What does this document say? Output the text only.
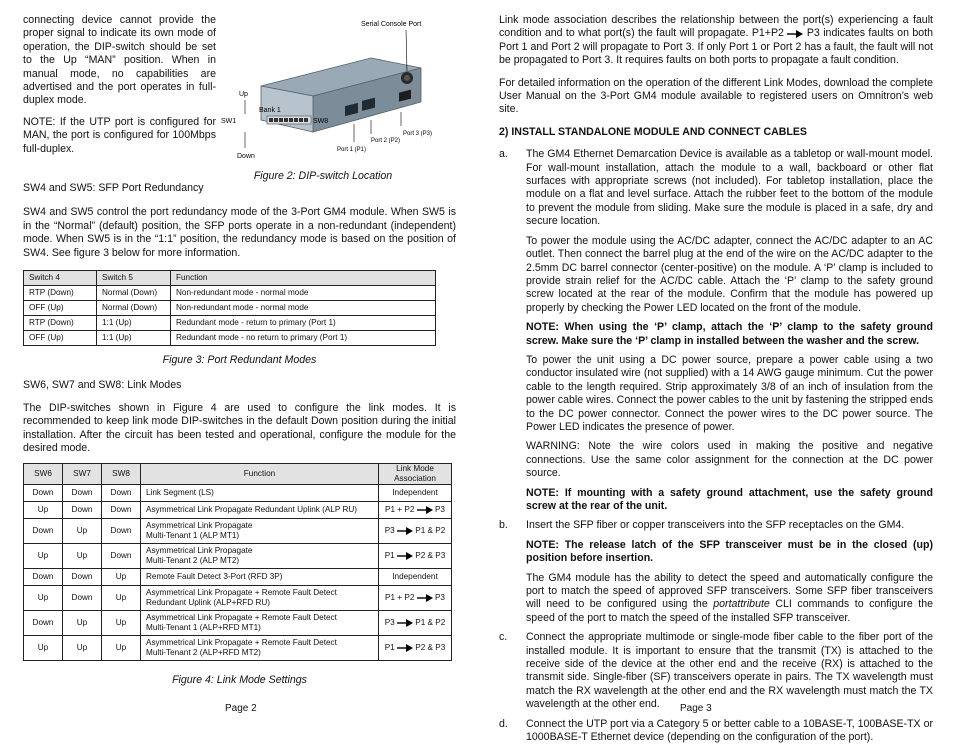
connecting device cannot provide the proper signal to indicate its own mode of operation, the DIP-switch should be set to the Up “MAN” position. When in manual mode, no capabilities are advertised and the port operates in full-duplex mode.

NOTE: If the UTP port is configured for MAN, the port is configured for 100Mbps full-duplex.

Serial Console Port
Up
Bank 1
SW1	SW8
Down
Port 3 (P3)
Port 2 (P2)
Port 1 (P1)

Figure 2: DIP-switch Location

SW4 and SW5: SFP Port Redundancy

SW4 and SW5 control the port redundancy mode of the 3-Port GM4 module. When SW5 is in the “Normal” (default) position, the SFP ports operate in a non-redundant (independent) mode. When SW5 is in the “1:1” position, the redundancy mode is based on the position of SW4. See figure 3 below for more information.

Switch 4	Switch 5	Function
RTP (Down)	Normal (Down)	Non-redundant mode - normal mode
OFF (Up)	Normal (Down)	Non-redundant mode - normal mode
RTP (Down)	1:1 (Up)	Redundant mode - return to primary (Port 1)
OFF (Up)	1:1 (Up)	Redundant mode - no return to primary (Port 1)

Figure 3: Port Redundant Modes

SW6, SW7 and SW8: Link Modes

The DIP-switches shown in Figure 4 are used to configure the link modes. It is recommended to keep link mode DIP-switches in the default Down position during the initial installation. After the circuit has been tested and operational, configure the module for the desired mode.

SW6	SW7	SW8	Function	Link Mode Association
Down	Down	Down	Link Segment (LS)	Independent
Up	Down	Down	Asymmetrical Link Propagate Redundant Uplink (ALP RU)	P1 + P2 P3
Down	Up	Down	Asymmetrical Link Propagate
Multi-Tenant 1 (ALP MT1)	P3 P1 & P2
Up	Up	Down	Asymmetrical Link Propagate
Multi-Tenant 2 (ALP MT2)	P1 P2 & P3
Down	Down	Up	Remote Fault Detect 3-Port (RFD 3P)	Independent
Up	Down	Up	Asymmetrical Link Propagate + Remote Fault Detect
Redundant Uplink (ALP+RFD RU)	P1 + P2 P3
Down	Up	Up	Asymmetrical Link Propagate + Remote Fault Detect
Multi-Tenant 1 (ALP+RFD MT1)	P3 P1 & P2
Up	Up	Up	Asymmetrical Link Propagate + Remote Fault Detect
Multi-Tenant 2 (ALP+RFD MT2)	P1 P2 & P3

Figure 4: Link Mode Settings

Page 2

Link mode association describes the relationship between the port(s) experiencing a fault condition and to what port(s) the fault will propagate. P1+P2 P3 indicates faults on both Port 1 and Port 2 will propagate to Port 3. If only Port 1 or Port 2 has a fault, the fault will not be propagated to Port 3. It requires faults on both ports to propagate a fault condition.

For detailed information on the operation of the different Link Modes, download the complete User Manual on the 3-Port GM4 module available to registered users on Omnitron’s web site.

2) INSTALL STANDALONE MODULE AND CONNECT CABLES

a. The GM4 Ethernet Demarcation Device is available as a tabletop or wall-mount model. For wall-mount installation, attach the module to a wall, backboard or other flat surfaces with appropriate screws (not included). For tabletop installation, place the module on a flat and level surface. Attach the rubber feet to the bottom of the module to prevent the module from sliding. Make sure the module is placed in a safe, dry and secure location.

To power the module using the AC/DC adapter, connect the AC/DC adapter to an AC outlet. Then connect the barrel plug at the end of the wire on the AC/DC adapter to the 2.5mm DC barrel connector (center-positive) on the module. A ‘P’ clamp is included to provide strain relief for the AC/DC cable. Attach the ‘P’ clamp to the safety ground screw located at the rear of the module. Confirm that the module has powered up properly by checking the Power LED located on the front of the module.

NOTE: When using the ‘P’ clamp, attach the ‘P’ clamp to the safety ground screw. Make sure the ‘P’ clamp in installed between the washer and the screw.

To power the unit using a DC power source, prepare a power cable using a two conductor insulated wire (not supplied) with a 14 AWG gauge minimum. Cut the power cable to the length required. Strip approximately 3/8 of an inch of insulation from the power cable wires. Connect the power cables to the unit by fastening the stripped ends to the DC power connector. Connect the power wires to the DC power source. The Power LED indicates the presence of power.

WARNING: Note the wire colors used in making the positive and negative connections. Use the same color assignment for the connection at the DC power source.

NOTE: If mounting with a safety ground attachment, use the safety ground screw at the rear of the unit.

b. Insert the SFP fiber or copper transceivers into the SFP receptacles on the GM4.

NOTE: The release latch of the SFP transceiver must be in the closed (up) position before insertion.

The GM4 module has the ability to detect the speed and automatically configure the port to match the speed of approved SFP transceivers. Some SFP fiber transceivers will need to be configured using the portattribute CLI commands to configure the speed of the port to match the speed of the installed SFP transceiver.

c. Connect the appropriate multimode or single-mode fiber cable to the fiber port of the installed module. It is important to ensure that the transmit (TX) is attached to the receive side of the device at the other end and the receive (RX) is attached to the transmit side. Single-fiber (SF) transceivers operate in pairs. The TX wavelength must match the RX wavelength at the other end and the RX wavelength must match the TX wavelength at the other end.

d. Connect the UTP port via a Category 5 or better cable to a 10BASE-T, 100BASE-TX or 1000BASE-T Ethernet device (depending on the configuration of the port).

Page 3
